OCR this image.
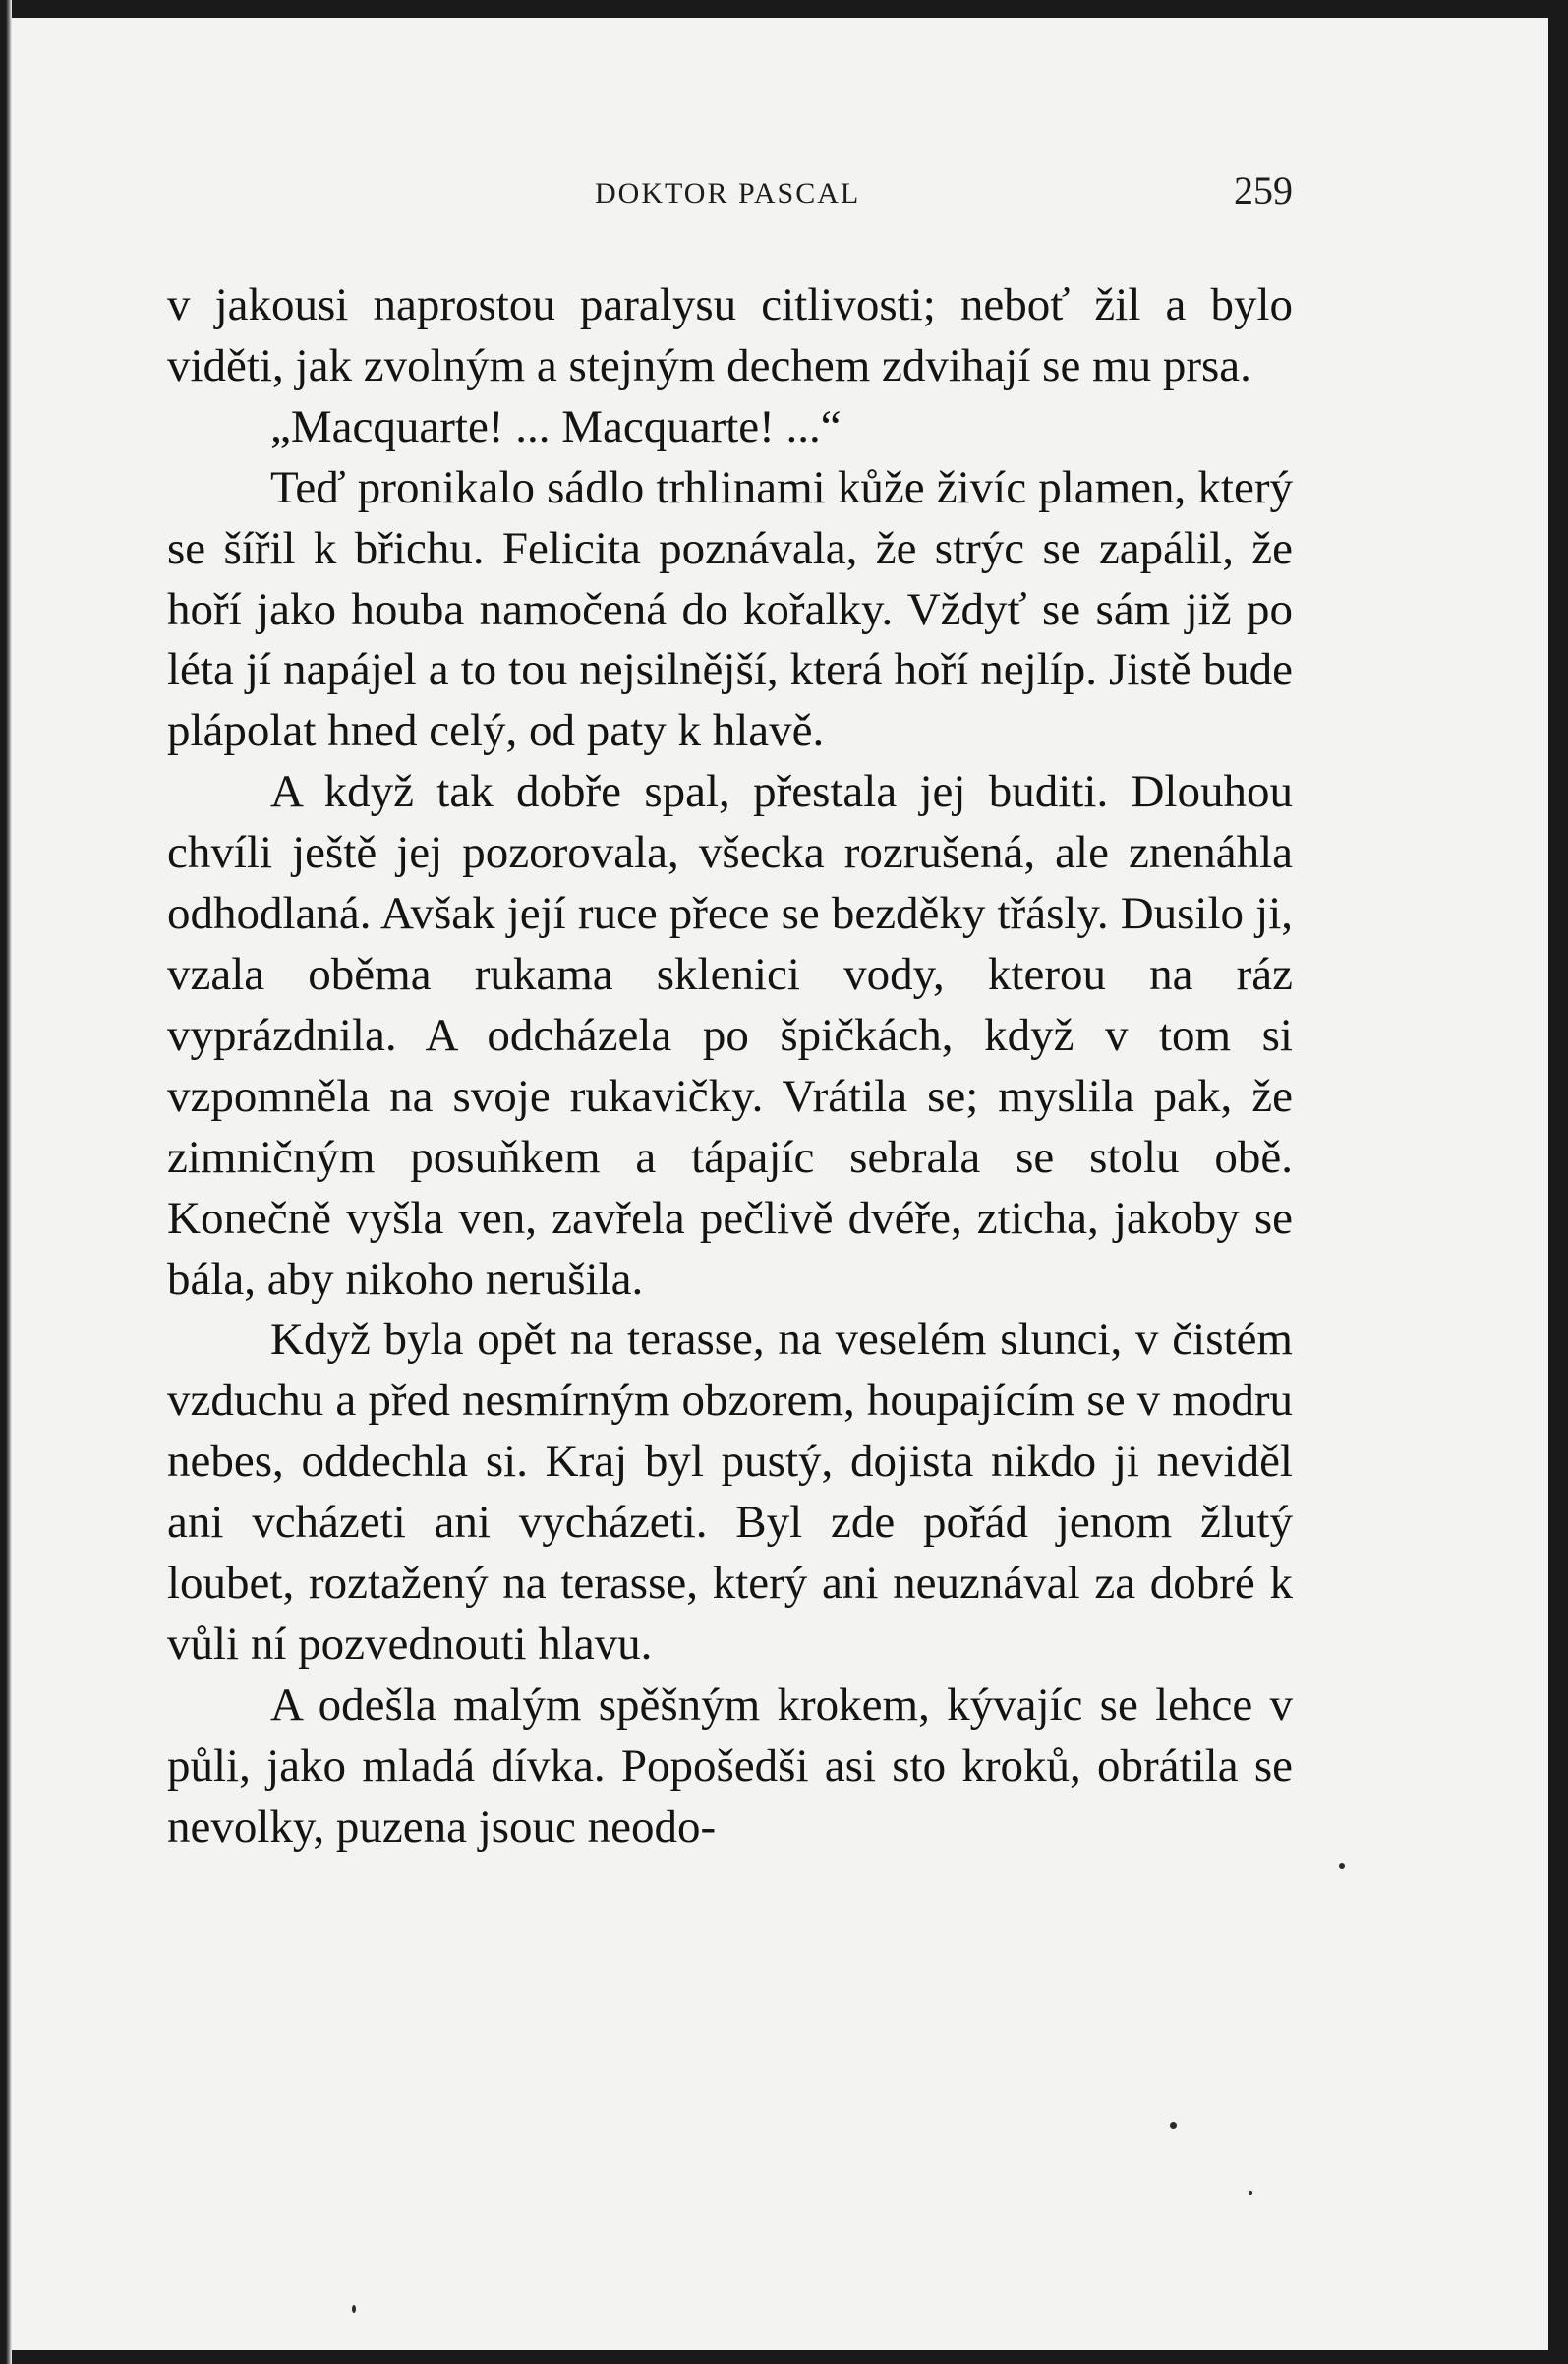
DOKTOR PASCAL	259

v jakousi naprostou paralysu citlivosti; neboť žil a bylo viděti, jak zvolným a stejným dechem zdvihají se mu prsa.

„Macquarte! ... Macquarte! ...“

Teď pronikalo sádlo trhlinami kůže živíc plamen, který se šířil k břichu. Felicita poznávala, že strýc se zapálil, že hoří jako houba namočená do kořalky. Vždyť se sám již po léta jí napájel a to tou nejsilnější, která hoří nejlíp. Jistě bude plápolat hned celý, od paty k hlavě.

A když tak dobře spal, přestala jej buditi. Dlouhou chvíli ještě jej pozorovala, všecka rozrušená, ale znenáhla odhodlaná. Avšak její ruce přece se bezděky třásly. Dusilo ji, vzala oběma rukama sklenici vody, kterou na ráz vyprázdnila. A odcházela po špičkách, když v tom si vzpomněla na svoje rukavičky. Vrátila se; myslila pak, že zimničným posuňkem a tápajíc sebrala se stolu obě. Konečně vyšla ven, zavřela pečlivě dvéře, zticha, jakoby se bála, aby nikoho nerušila.

Když byla opět na terasse, na veselém slunci, v čistém vzduchu a před nesmírným obzorem, houpajícím se v modru nebes, oddechla si. Kraj byl pustý, dojista nikdo ji neviděl ani vcházeti ani vycházeti. Byl zde pořád jenom žlutý loubet, roztažený na terasse, který ani neuznával za dobré k vůli ní pozvednouti hlavu.

A odešla malým spěšným krokem, kývajíc se lehce v půli, jako mladá dívka. Popošedši asi sto kroků, obrátila se nevolky, puzena jsouc neodo-
